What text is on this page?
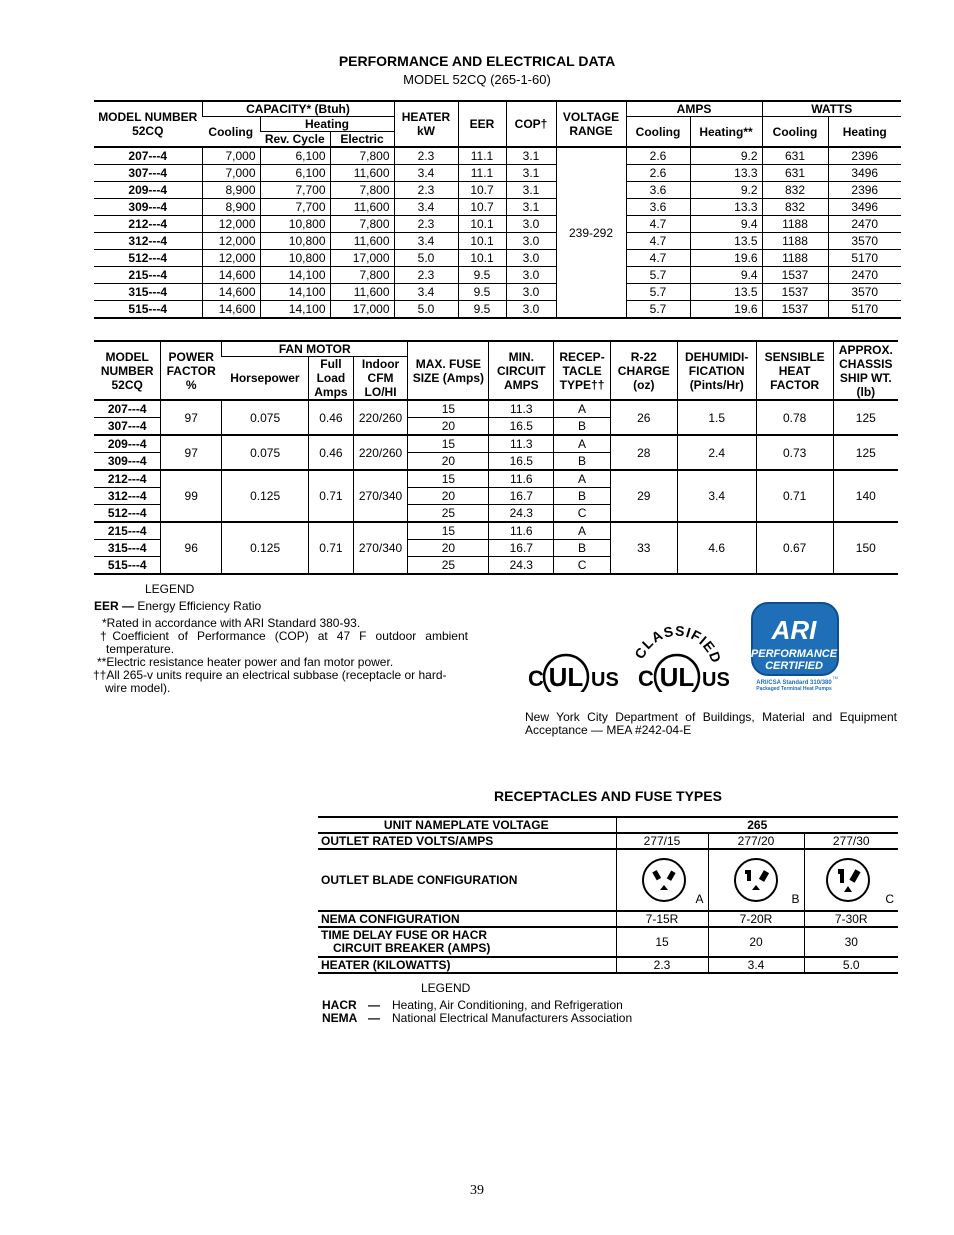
PERFORMANCE AND ELECTRICAL DATA
MODEL 52CQ (265-1-60)
MODEL NUMBER 52CQ	CAPACITY* (Btuh)			HEATER kW	EER	COP†	VOLTAGE RANGE	AMPS		WATTS	
	Cooling	Heating						Cooling	Heating**	Cooling	Heating
		Rev. Cycle	Electric								
207---4	7,000	6,100	7,800	2.3	11.1	3.1	239-292	2.6	9.2	631	2396
307---4	7,000	6,100	11,600	3.4	11.1	3.1		2.6	13.3	631	3496
209---4	8,900	7,700	7,800	2.3	10.7	3.1		3.6	9.2	832	2396
309---4	8,900	7,700	11,600	3.4	10.7	3.1		3.6	13.3	832	3496
212---4	12,000	10,800	7,800	2.3	10.1	3.0		4.7	9.4	1188	2470
312---4	12,000	10,800	11,600	3.4	10.1	3.0		4.7	13.5	1188	3570
512---4	12,000	10,800	17,000	5.0	10.1	3.0		4.7	19.6	1188	5170
215---4	14,600	14,100	7,800	2.3	9.5	3.0		5.7	9.4	1537	2470
315---4	14,600	14,100	11,600	3.4	9.5	3.0		5.7	13.5	1537	3570
515---4	14,600	14,100	17,000	5.0	9.5	3.0		5.7	19.6	1537	5170
MODEL NUMBER 52CQ	POWER FACTOR %	FAN MOTOR			MAX. FUSE SIZE (Amps)	MIN. CIRCUIT AMPS	RECEP- TACLE TYPE††	R-22 CHARGE (oz)	DEHUMIDI- FICATION (Pints/Hr)	SENSIBLE HEAT FACTOR	APPROX. CHASSIS SHIP WT. (lb)
		Horsepower	Full Load Amps	Indoor CFM LO/HI							
207---4	97	0.075	0.46	220/260	15	11.3	A	26	1.5	0.78	125
307---4					20	16.5	B				
209---4	97	0.075	0.46	220/260	15	11.3	A	28	2.4	0.73	125
309---4					20	16.5	B				
212---4	99	0.125	0.71	270/340	15	11.6	A	29	3.4	0.71	140
312---4					20	16.7	B				
512---4					25	24.3	C				
215---4	96	0.125	0.71	270/340	15	11.6	A	33	4.6	0.67	150
315---4					20	16.7	B				
515---4					25	24.3	C				
LEGEND
EER — Energy Efficiency Ratio
*Rated in accordance with ARI Standard 380-93.
†Coefficient of Performance (COP) at 47 F outdoor ambient temperature.
**Electric resistance heater power and fan motor power.
††All 265-v units require an electrical subbase (receptacle or hard-wire model).	C UL US C UL US
CLASSIFIED
ARI
PERFORMANCE
CERTIFIED
TM
ARI/CSA Standard 310/380
Packaged Terminal Heat Pumps
New York City Department of Buildings, Material and Equipment Acceptance — MEA #242-04-E
RECEPTACLES AND FUSE TYPES
UNIT NAMEPLATE VOLTAGE	265		
OUTLET RATED VOLTS/AMPS	277/15	277/20	277/30
OUTLET BLADE CONFIGURATION	A	B	C

NEMA CONFIGURATION	7-15R	7-20R	7-30R

TIME DELAY FUSE OR HACR CIRCUIT BREAKER (AMPS)	15	20	30
HEATER (KILOWATTS)	2.3	3.4	5.0
LEGEND
HACR — Heating, Air Conditioning, and Refrigeration
NEMA — National Electrical Manufacturers Association
39
